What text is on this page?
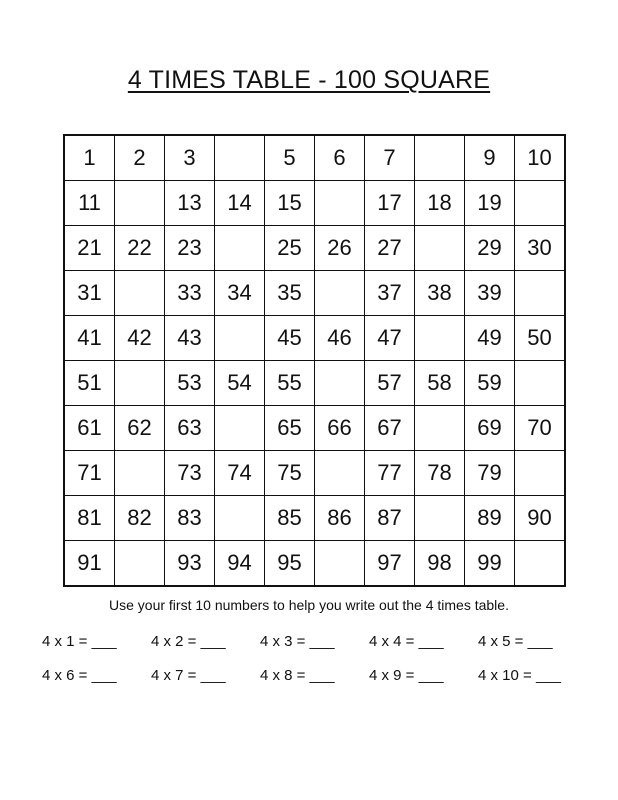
4 TIMES TABLE - 100 SQUARE
1	2	3		5	6	7		9	10
11		13	14	15		17	18	19	
21	22	23		25	26	27		29	30
31		33	34	35		37	38	39	
41	42	43		45	46	47		49	50
51		53	54	55		57	58	59	
61	62	63		65	66	67		69	70
71		73	74	75		77	78	79	
81	82	83		85	86	87		89	90
91		93	94	95		97	98	99	
Use your first 10 numbers to help you write out the 4 times table.
4 x 1 = ___	4 x 2 = ___	4 x 3 = ___	4 x 4 = ___	4 x 5 = ___
4 x 6 = ___	4 x 7 = ___	4 x 8 = ___	4 x 9 = ___	4 x 10 = ___
